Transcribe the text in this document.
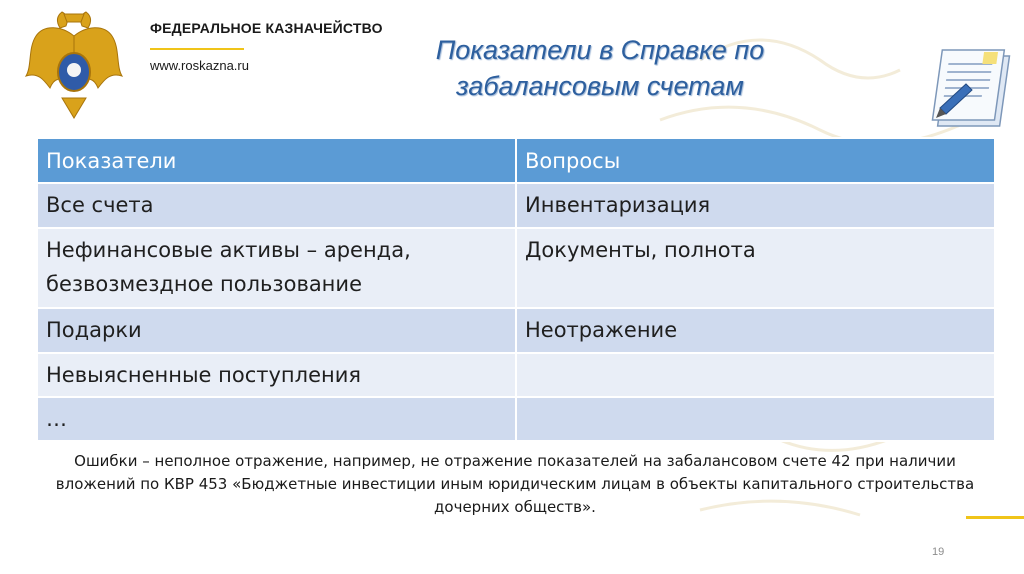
ФЕДЕРАЛЬНОЕ КАЗНАЧЕЙСТВО
www.roskazna.ru
Показатели в Справке по
забалансовым счетам
Показатели	Вопросы
Все счета	Инвентаризация
Нефинансовые активы – аренда, безвозмездное пользование	Документы, полнота
Подарки	Неотражение
Невыясненные поступления	
…	
Ошибки – неполное отражение, например, не отражение показателей на забалансовом счете 42 при наличии вложений по КВР 453 «Бюджетные инвестиции иным юридическим лицам в объекты капитального строительства дочерних обществ».
19
